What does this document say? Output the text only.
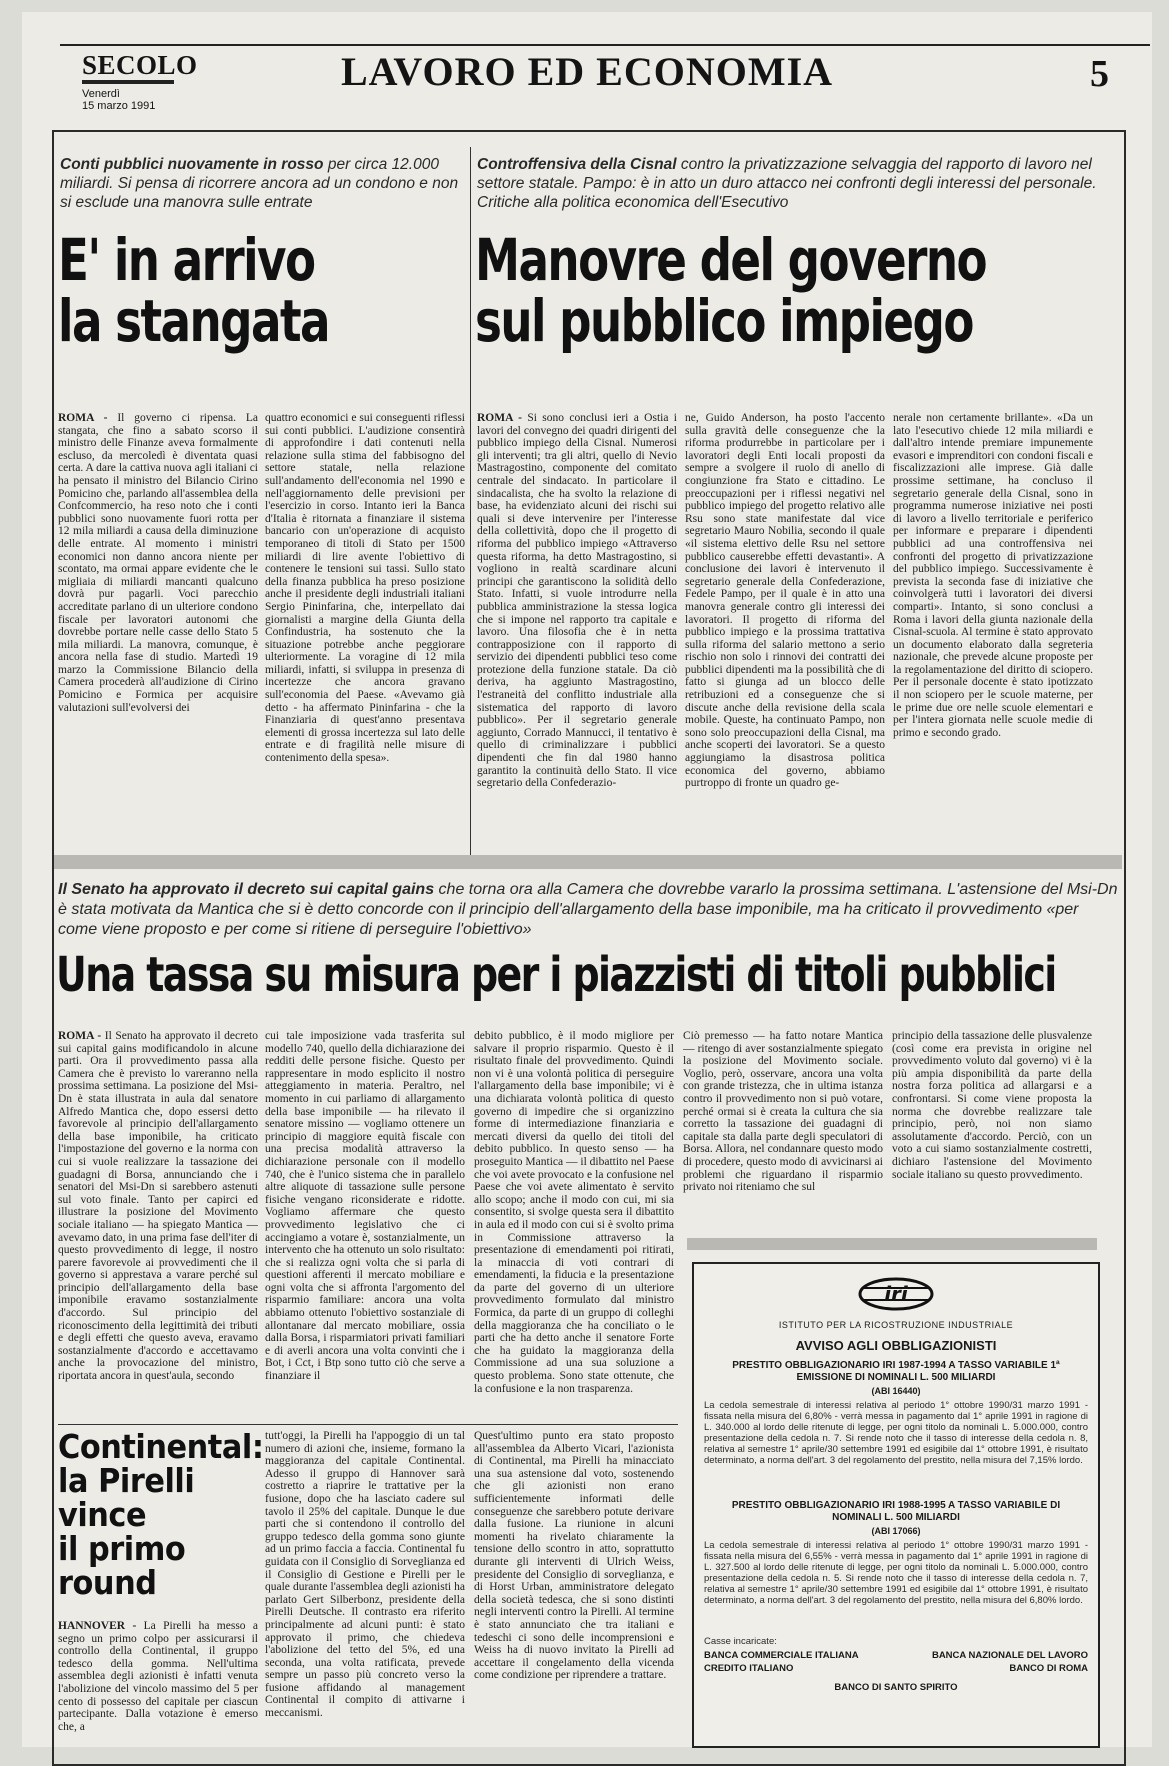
SECOLO
Venerdì
15 marzo 1991
LAVORO ED ECONOMIA	5
Conti pubblici nuovamente in rosso per circa 12.000 miliardi. Si pensa di ricorrere ancora ad un condono e non si esclude una manovra sulle entrate
E' in arrivo
la stangata
ROMA - Il governo ci ripensa. La stangata, che fino a sabato scorso il ministro delle Finanze aveva formalmente escluso, da mercoledì è diventata quasi certa. A dare la cattiva nuova agli italiani ci ha pensato il ministro del Bilancio Cirino Pomicino che, parlando all'assemblea della Confcommercio, ha reso noto che i conti pubblici sono nuovamente fuori rotta per 12 mila miliardi a causa della diminuzione delle entrate. Al momento i ministri economici non danno ancora niente per scontato, ma ormai appare evidente che le migliaia di miliardi mancanti qualcuno dovrà pur pagarli. Voci parecchio accreditate parlano di un ulteriore condono fiscale per lavoratori autonomi che dovrebbe portare nelle casse dello Stato 5 mila miliardi. La manovra, comunque, è ancora nella fase di studio. Martedì 19 marzo la Commissione Bilancio della Camera procederà all'audizione di Cirino Pomicino e Formica per acquisire valutazioni sull'evolversi dei
quattro economici e sui conseguenti riflessi sui conti pubblici. L'audizione consentirà di approfondire i dati contenuti nella relazione sulla stima del fabbisogno del settore statale, nella relazione sull'andamento dell'economia nel 1990 e nell'aggiornamento delle previsioni per l'esercizio in corso. Intanto ieri la Banca d'Italia è ritornata a finanziare il sistema bancario con un'operazione di acquisto temporaneo di titoli di Stato per 1500 miliardi di lire avente l'obiettivo di contenere le tensioni sui tassi. Sullo stato della finanza pubblica ha preso posizione anche il presidente degli industriali italiani Sergio Pininfarina, che, interpellato dai giornalisti a margine della Giunta della Confindustria, ha sostenuto che la situazione potrebbe anche peggiorare ulteriormente. La voragine di 12 mila miliardi, infatti, si sviluppa in presenza di incertezze che ancora gravano sull'economia del Paese. «Avevamo già detto - ha affermato Pininfarina - che la Finanziaria di quest'anno presentava elementi di grossa incertezza sul lato delle entrate e di fragilità nelle misure di contenimento della spesa».
Controffensiva della Cisnal contro la privatizzazione selvaggia del rapporto di lavoro nel settore statale. Pampo: è in atto un duro attacco nei confronti degli interessi del personale. Critiche alla politica economica dell'Esecutivo
Manovre del governo
sul pubblico impiego
ROMA - Si sono conclusi ieri a Ostia i lavori del convegno dei quadri dirigenti del pubblico impiego della Cisnal. Numerosi gli interventi; tra gli altri, quello di Nevio Mastragostino, componente del comitato centrale del sindacato. In particolare il sindacalista, che ha svolto la relazione di base, ha evidenziato alcuni dei rischi sui quali si deve intervenire per l'interesse della collettività, dopo che il progetto di riforma del pubblico impiego «Attraverso questa riforma, ha detto Mastragostino, si vogliono in realtà scardinare alcuni principi che garantiscono la solidità dello Stato. Infatti, si vuole introdurre nella pubblica amministrazione la stessa logica che si impone nel rapporto tra capitale e lavoro. Una filosofia che è in netta contrapposizione con il rapporto di servizio dei dipendenti pubblici teso come protezione della funzione statale. Da ciò deriva, ha aggiunto Mastragostino, l'estraneità del conflitto industriale alla sistematica del rapporto di lavoro pubblico». Per il segretario generale aggiunto, Corrado Mannucci, il tentativo è quello di criminalizzare i pubblici dipendenti che fin dal 1980 hanno garantito la continuità dello Stato. Il vice segretario della Confederazio-
ne, Guido Anderson, ha posto l'accento sulla gravità delle conseguenze che la riforma produrrebbe in particolare per i lavoratori degli Enti locali proposti da sempre a svolgere il ruolo di anello di congiunzione fra Stato e cittadino. Le preoccupazioni per i riflessi negativi nel pubblico impiego del progetto relativo alle Rsu sono state manifestate dal vice segretario Mauro Nobilia, secondo il quale «il sistema elettivo delle Rsu nel settore pubblico causerebbe effetti devastanti». A conclusione dei lavori è intervenuto il segretario generale della Confederazione, Fedele Pampo, per il quale è in atto una manovra generale contro gli interessi dei lavoratori. Il progetto di riforma del pubblico impiego e la prossima trattativa sulla riforma del salario mettono a serio rischio non solo i rinnovi dei contratti dei pubblici dipendenti ma la possibilità che di fatto si giunga ad un blocco delle retribuzioni ed a conseguenze che si discute anche della revisione della scala mobile. Queste, ha continuato Pampo, non sono solo preoccupazioni della Cisnal, ma anche scoperti dei lavoratori. Se a questo aggiungiamo la disastrosa politica economica del governo, abbiamo purtroppo di fronte un quadro ge-
nerale non certamente brillante». «Da un lato l'esecutivo chiede 12 mila miliardi e dall'altro intende premiare impunemente evasori e imprenditori con condoni fiscali e fiscalizzazioni alle imprese. Già dalle prossime settimane, ha concluso il segretario generale della Cisnal, sono in programma numerose iniziative nei posti di lavoro a livello territoriale e periferico per informare e preparare i dipendenti pubblici ad una controffensiva nei confronti del progetto di privatizzazione del pubblico impiego. Successivamente è prevista la seconda fase di iniziative che coinvolgerà tutti i lavoratori dei diversi comparti». Intanto, si sono conclusi a Roma i lavori della giunta nazionale della Cisnal-scuola. Al termine è stato approvato un documento elaborato dalla segreteria nazionale, che prevede alcune proposte per la regolamentazione del diritto di sciopero. Per il personale docente è stato ipotizzato il non sciopero per le scuole materne, per le prime due ore nelle scuole elementari e per l'intera giornata nelle scuole medie di primo e secondo grado.
Il Senato ha approvato il decreto sui capital gains che torna ora alla Camera che dovrebbe vararlo la prossima settimana. L'astensione del Msi-Dn è stata motivata da Mantica che si è detto concorde con il principio dell'allargamento della base imponibile, ma ha criticato il provvedimento «per come viene proposto e per come si ritiene di perseguire l'obiettivo»
Una tassa su misura per i piazzisti di titoli pubblici
ROMA - Il Senato ha approvato il decreto sui capital gains modificandolo in alcune parti. Ora il provvedimento passa alla Camera che è previsto lo vareranno nella prossima settimana. La posizione del Msi-Dn è stata illustrata in aula dal senatore Alfredo Mantica che, dopo essersi detto favorevole al principio dell'allargamento della base imponibile, ha criticato l'impostazione del governo e la norma con cui si vuole realizzare la tassazione dei guadagni di Borsa, annunciando che i senatori del Msi-Dn si sarebbero astenuti sul voto finale. Tanto per capirci ed illustrare la posizione del Movimento sociale italiano — ha spiegato Mantica — avevamo dato, in una prima fase dell'iter di questo provvedimento di legge, il nostro parere favorevole ai provvedimenti che il governo si apprestava a varare perché sul principio dell'allargamento della base imponibile eravamo sostanzialmente d'accordo. Sul principio del riconoscimento della legittimità dei tributi e degli effetti che questo aveva, eravamo sostanzialmente d'accordo e accettavamo anche la provocazione del ministro, riportata ancora in quest'aula, secondo
cui tale imposizione vada trasferita sul modello 740, quello della dichiarazione dei redditi delle persone fisiche. Questo per rappresentare in modo esplicito il nostro atteggiamento in materia. Peraltro, nel momento in cui parliamo di allargamento della base imponibile — ha rilevato il senatore missino — vogliamo ottenere un principio di maggiore equità fiscale con una precisa modalità attraverso la dichiarazione personale con il modello 740, che è l'unico sistema che in parallelo altre aliquote di tassazione sulle persone fisiche vengano riconsiderate e ridotte. Vogliamo affermare che questo provvedimento legislativo che ci accingiamo a votare è, sostanzialmente, un intervento che ha ottenuto un solo risultato: che si realizza ogni volta che si parla di questioni afferenti il mercato mobiliare e ogni volta che si affronta l'argomento del risparmio familiare: ancora una volta abbiamo ottenuto l'obiettivo sostanziale di allontanare dal mercato mobiliare, ossia dalla Borsa, i risparmiatori privati familiari e di averli ancora una volta convinti che i Bot, i Cct, i Btp sono tutto ciò che serve a finanziare il
debito pubblico, è il modo migliore per salvare il proprio risparmio. Questo è il risultato finale del provvedimento. Quindi non vi è una volontà politica di perseguire l'allargamento della base imponibile; vi è una dichiarata volontà politica di questo governo di impedire che si organizzino forme di intermediazione finanziaria e mercati diversi da quello dei titoli del debito pubblico. In questo senso — ha proseguito Mantica — il dibattito nel Paese che voi avete provocato e la confusione nel Paese che voi avete alimentato è servito allo scopo; anche il modo con cui, mi sia consentito, si svolge questa sera il dibattito in aula ed il modo con cui si è svolto prima in Commissione attraverso la presentazione di emendamenti poi ritirati, la minaccia di voti contrari di emendamenti, la fiducia e la presentazione da parte del governo di un ulteriore provvedimento formulato dal ministro Formica, da parte di un gruppo di colleghi della maggioranza che ha conciliato o le parti che ha detto anche il senatore Forte che ha guidato la maggioranza della Commissione ad una sua soluzione a questo problema. Sono state ottenute, che la confusione e la non trasparenza.
Ciò premesso — ha fatto notare Mantica — ritengo di aver sostanzialmente spiegato la posizione del Movimento sociale. Voglio, però, osservare, ancora una volta con grande tristezza, che in ultima istanza contro il provvedimento non si può votare, perché ormai si è creata la cultura che sia corretto la tassazione dei guadagni di capitale sta dalla parte degli speculatori di Borsa. Allora, nel condannare questo modo di procedere, questo modo di avvicinarsi ai problemi che riguardano il risparmio privato noi riteniamo che sul
principio della tassazione delle plusvalenze (così come era prevista in origine nel provvedimento voluto dal governo) vi è la più ampia disponibilità da parte della nostra forza politica ad allargarsi e a confrontarsi. Si come viene proposta la norma che dovrebbe realizzare tale principio, però, noi non siamo assolutamente d'accordo. Perciò, con un voto a cui siamo sostanzialmente costretti, dichiaro l'astensione del Movimento sociale italiano su questo provvedimento.
Continental:
la Pirelli
vince
il primo
round
HANNOVER - La Pirelli ha messo a segno un primo colpo per assicurarsi il controllo della Continental, il gruppo tedesco della gomma. Nell'ultima assemblea degli azionisti è infatti venuta l'abolizione del vincolo massimo del 5 per cento di possesso del capitale per ciascun partecipante. Dalla votazione è emerso che, a
tutt'oggi, la Pirelli ha l'appoggio di un tal numero di azioni che, insieme, formano la maggioranza del capitale Continental. Adesso il gruppo di Hannover sarà costretto a riaprire le trattative per la fusione, dopo che ha lasciato cadere sul tavolo il 25% del capitale. Dunque le due parti che si contendono il controllo del gruppo tedesco della gomma sono giunte ad un primo faccia a faccia. Continental fu guidata con il Consiglio di Sorveglianza ed il Consiglio di Gestione e Pirelli per le quale durante l'assemblea degli azionisti ha parlato Gert Silberbonz, presidente della Pirelli Deutsche. Il contrasto era riferito principalmente ad alcuni punti: è stato approvato il primo, che chiedeva l'abolizione del tetto del 5%, ed una seconda, una volta ratificata, prevede sempre un passo più concreto verso la fusione affidando al management Continental il compito di attivarne i meccanismi.
Quest'ultimo punto era stato proposto all'assemblea da Alberto Vicari, l'azionista di Continental, ma Pirelli ha minacciato una sua astensione dal voto, sostenendo che gli azionisti non erano sufficientemente informati delle conseguenze che sarebbero potute derivare dalla fusione. La riunione in alcuni momenti ha rivelato chiaramente la tensione dello scontro in atto, soprattutto durante gli interventi di Ulrich Weiss, presidente del Consiglio di sorveglianza, e di Horst Urban, amministratore delegato della società tedesca, che si sono distinti negli interventi contro la Pirelli. Al termine è stato annunciato che tra italiani e tedeschi ci sono delle incomprensioni e Weiss ha di nuovo invitato la Pirelli ad accettare il congelamento della vicenda come condizione per riprendere a trattare.
iri
ISTITUTO PER LA RICOSTRUZIONE INDUSTRIALE
AVVISO AGLI OBBLIGAZIONISTI
PRESTITO OBBLIGAZIONARIO IRI 1987-1994 A TASSO VARIABILE 1ª EMISSIONE DI NOMINALI L. 500 MILIARDI
(ABI 16440)
La cedola semestrale di interessi relativa al periodo 1° ottobre 1990/31 marzo 1991 - fissata nella misura del 6,80% - verrà messa in pagamento dal 1° aprile 1991 in ragione di L. 340.000 al lordo delle ritenute di legge, per ogni titolo da nominali L. 5.000.000, contro presentazione della cedola n. 7. Si rende noto che il tasso di interesse della cedola n. 8, relativa al semestre 1° aprile/30 settembre 1991 ed esigibile dal 1° ottobre 1991, è risultato determinato, a norma dell'art. 3 del regolamento del prestito, nella misura del 7,15% lordo.
PRESTITO OBBLIGAZIONARIO IRI 1988-1995 A TASSO VARIABILE DI NOMINALI L. 500 MILIARDI
(ABI 17066)
La cedola semestrale di interessi relativa al periodo 1° ottobre 1990/31 marzo 1991 - fissata nella misura del 6,55% - verrà messa in pagamento dal 1° aprile 1991 in ragione di L. 327.500 al lordo delle ritenute di legge, per ogni titolo da nominali L. 5.000.000, contro presentazione della cedola n. 5. Si rende noto che il tasso di interesse della cedola n. 7, relativa al semestre 1° aprile/30 settembre 1991 ed esigibile dal 1° ottobre 1991, è risultato determinato, a norma dell'art. 3 del regolamento del prestito, nella misura del 6,80% lordo.
Casse incaricate:
BANCA COMMERCIALE ITALIANA	BANCA NAZIONALE DEL LAVORO
CREDITO ITALIANO	BANCO DI ROMA
BANCO DI SANTO SPIRITO
